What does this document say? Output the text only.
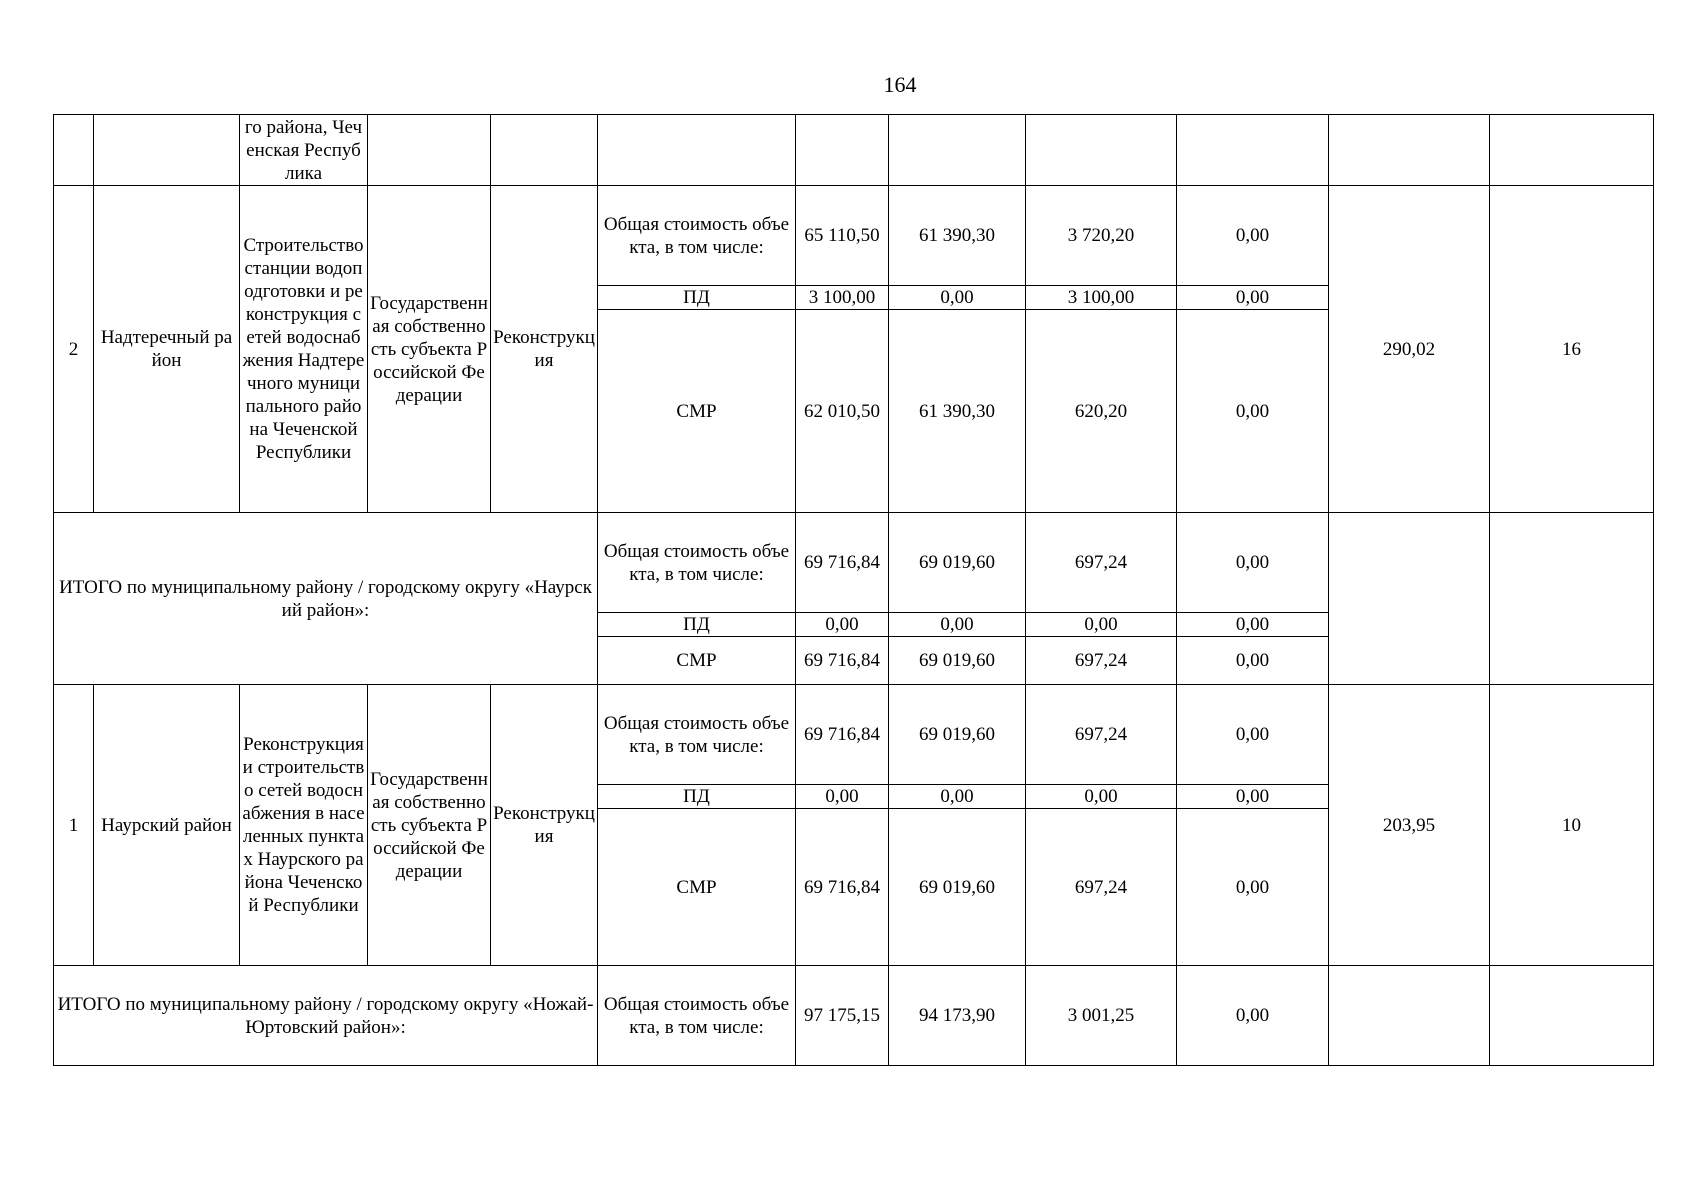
164
		го района, Чеченская Республика									
2	Надтеречный район	Строительство станции водоподготовки и реконструкция сетей водоснабжения Надтеречного муниципального района Чеченской Республики	Государственная собственность субъекта Российской Федерации	Реконструкция	Общая стоимость объекта, в том числе:	65 110,50	61 390,30	3 720,20	0,00	290,02	16
					ПД	3 100,00	0,00	3 100,00	0,00		
					СМР	62 010,50	61 390,30	620,20	0,00		
ИТОГО по муниципальному району / городскому округу «Наурский район»:					Общая стоимость объекта, в том числе:	69 716,84	69 019,60	697,24	0,00		
					ПД	0,00	0,00	0,00	0,00		
					СМР	69 716,84	69 019,60	697,24	0,00		
1	Наурский район	Реконструкция и строительство сетей водоснабжения в населенных пунктах Наурского района Чеченской Республики	Государственная собственность субъекта Российской Федерации	Реконструкция	Общая стоимость объекта, в том числе:	69 716,84	69 019,60	697,24	0,00	203,95	10
					ПД	0,00	0,00	0,00	0,00		
					СМР	69 716,84	69 019,60	697,24	0,00		
ИТОГО по муниципальному району / городскому округу «Ножай-Юртовский район»:					Общая стоимость объекта, в том числе:	97 175,15	94 173,90	3 001,25	0,00		
